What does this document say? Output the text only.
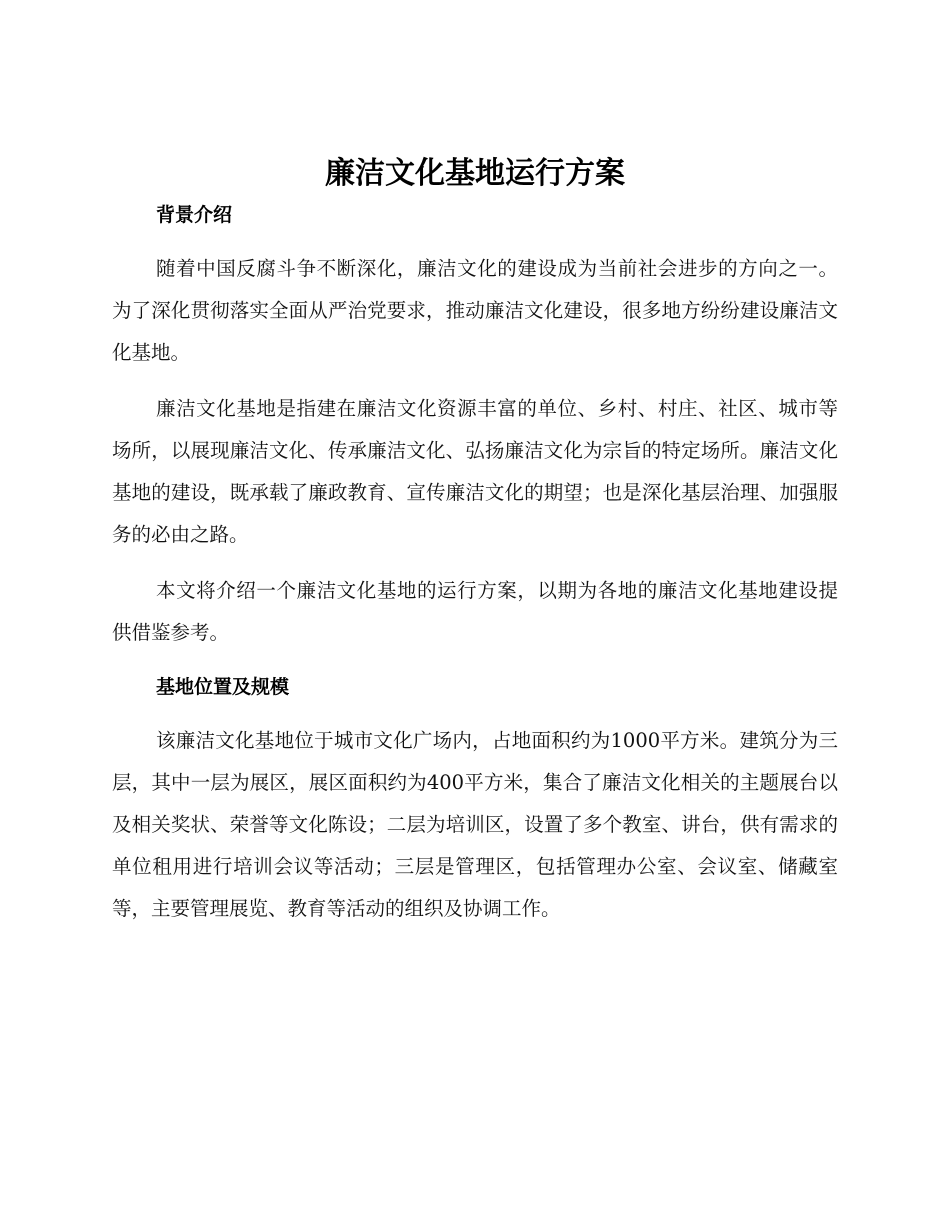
廉洁文化基地运行方案
背景介绍

随着中国反腐斗争不断深化，廉洁文化的建设成为当前社会进步的方向之一。为了深化贯彻落实全面从严治党要求，推动廉洁文化建设，很多地方纷纷建设廉洁文化基地。

廉洁文化基地是指建在廉洁文化资源丰富的单位、乡村、村庄、社区、城市等场所，以展现廉洁文化、传承廉洁文化、弘扬廉洁文化为宗旨的特定场所。廉洁文化基地的建设，既承载了廉政教育、宣传廉洁文化的期望；也是深化基层治理、加强服务的必由之路。

本文将介绍一个廉洁文化基地的运行方案，以期为各地的廉洁文化基地建设提供借鉴参考。

基地位置及规模

该廉洁文化基地位于城市文化广场内，占地面积约为1000平方米。建筑分为三层，其中一层为展区，展区面积约为400平方米，集合了廉洁文化相关的主题展台以及相关奖状、荣誉等文化陈设；二层为培训区，设置了多个教室、讲台，供有需求的单位租用进行培训会议等活动；三层是管理区，包括管理办公室、会议室、储藏室等，主要管理展览、教育等活动的组织及协调工作。
